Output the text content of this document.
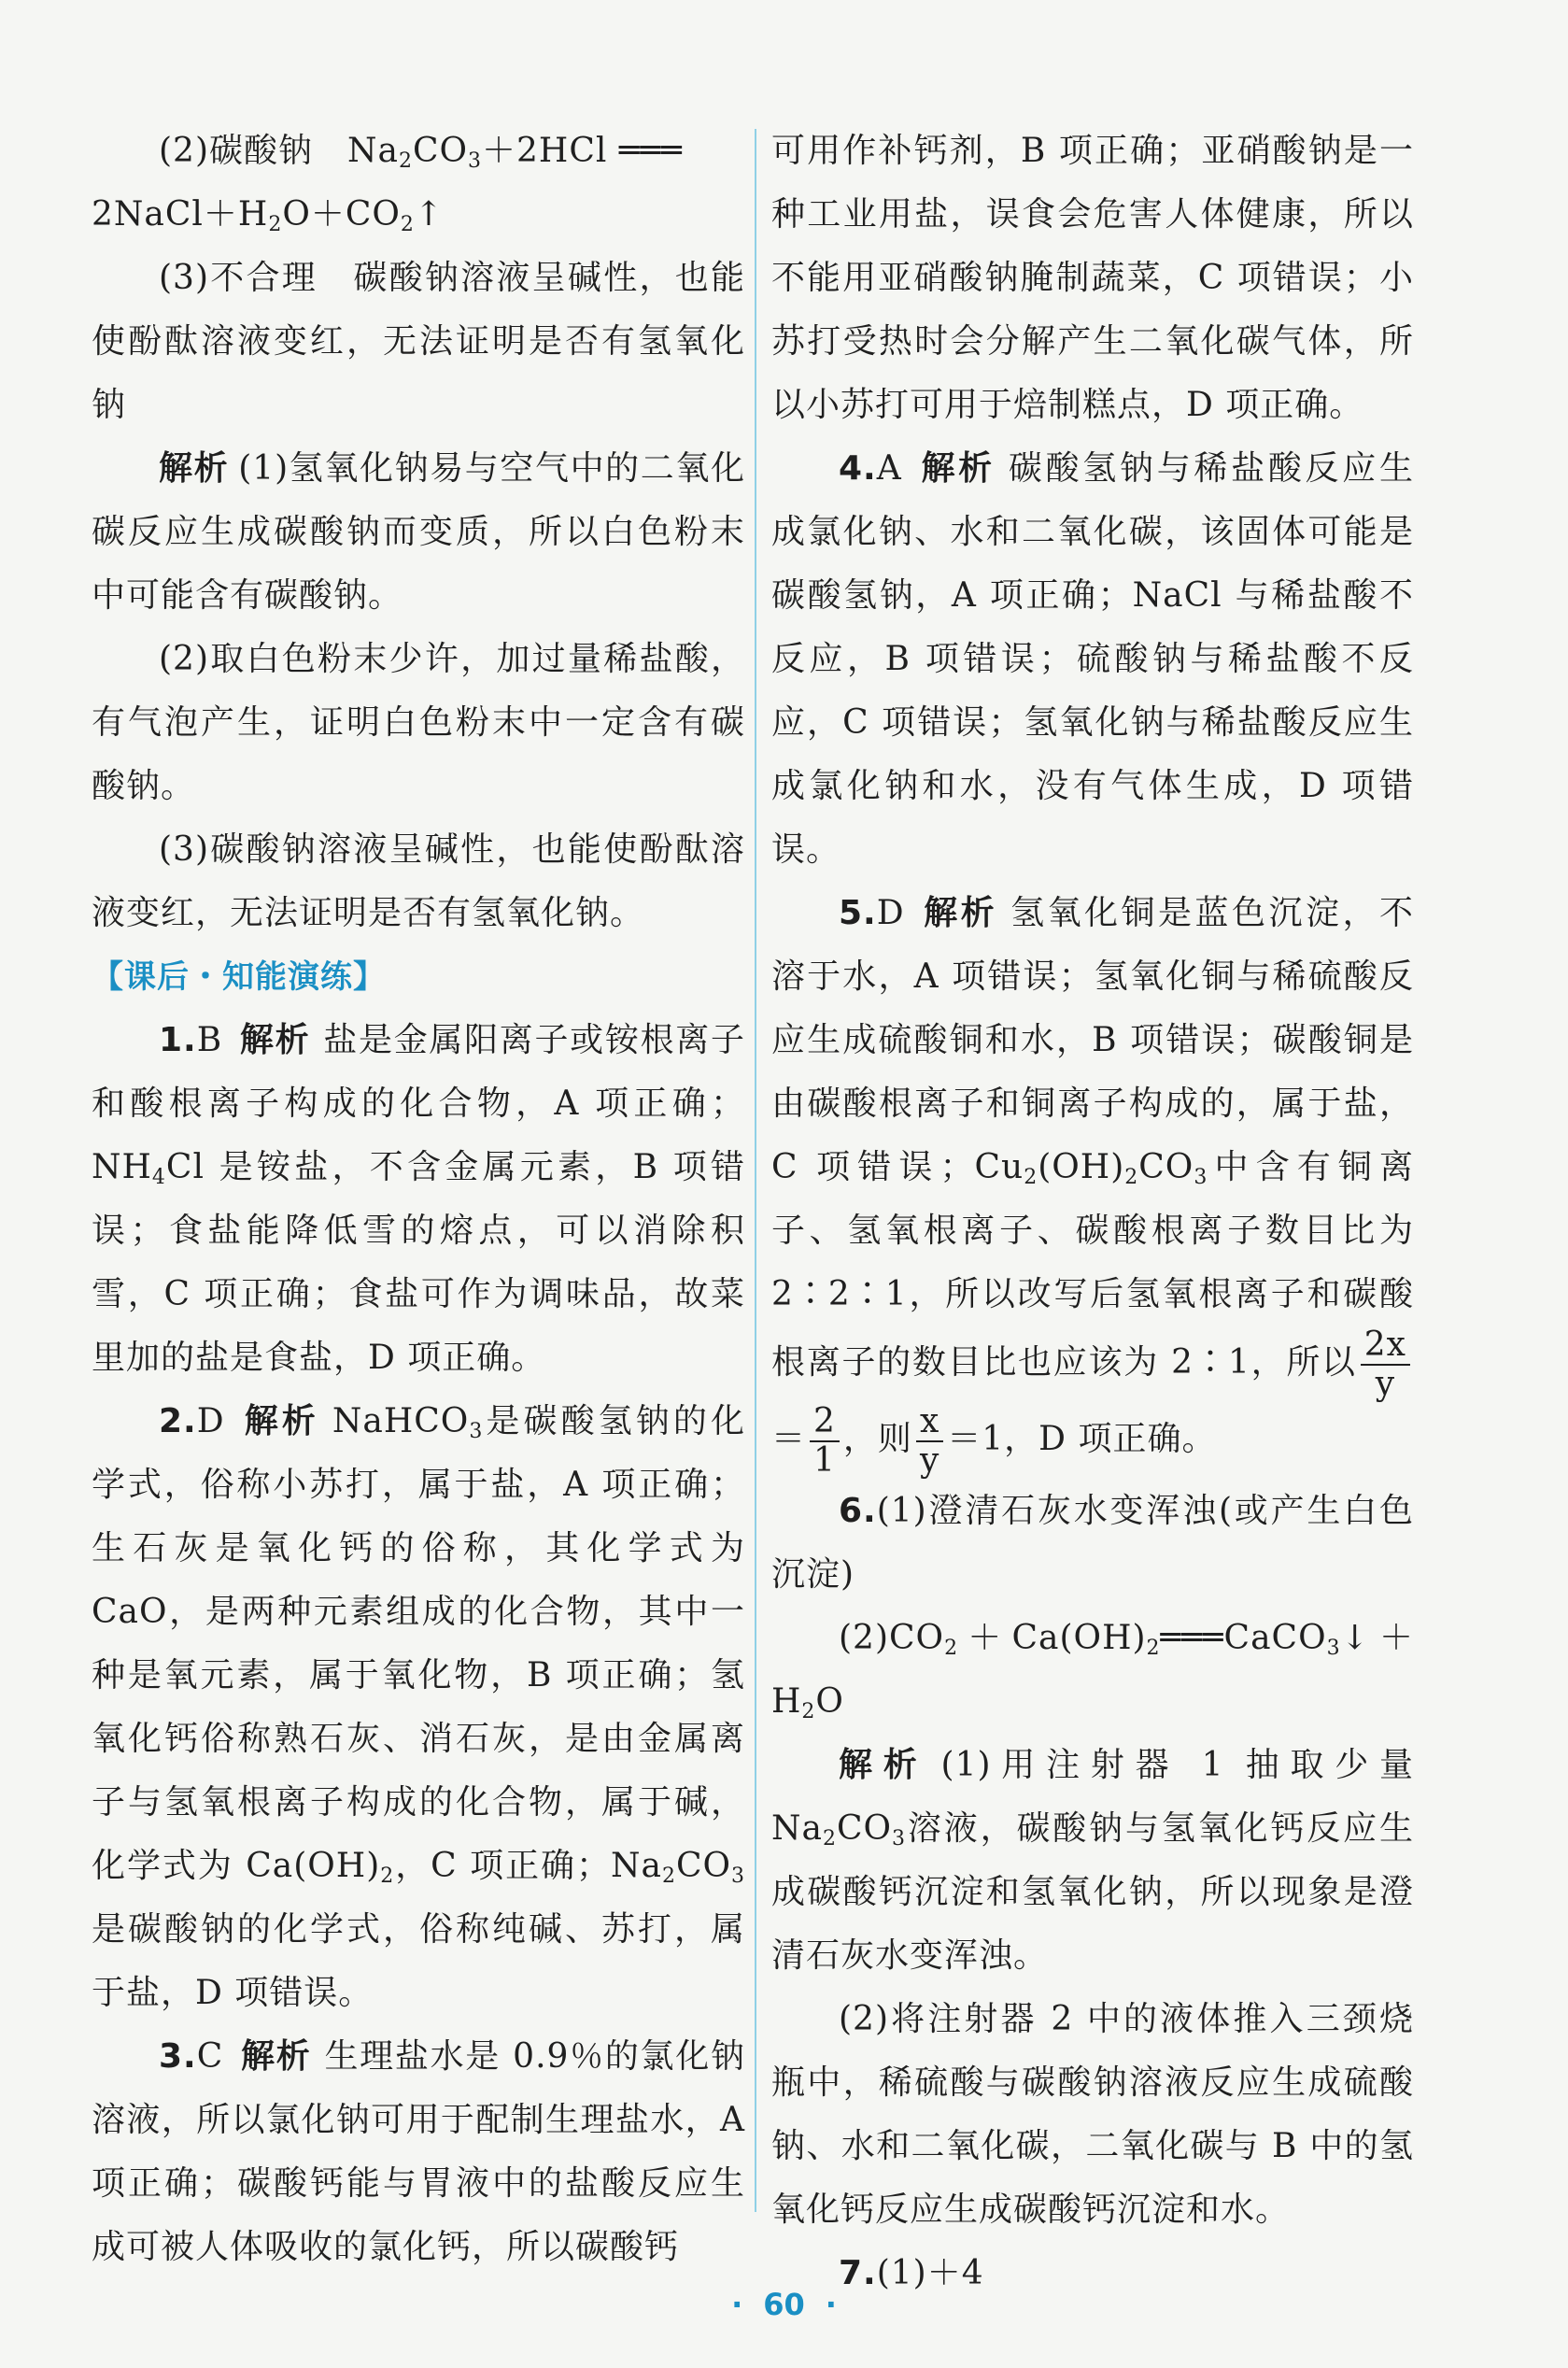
(2)碳酸钠　$Na_2CO_3+2HCl$ ═══

$2NaCl+H_2O+CO_2↑$

(3)不合理　碳酸钠溶液呈碱性，也能使酚酞溶液变红，无法证明是否有氢氧化钠

解析 (1)氢氧化钠易与空气中的二氧化碳反应生成碳酸钠而变质，所以白色粉末中可能含有碳酸钠。

(2)取白色粉末少许，加过量稀盐酸，有气泡产生，证明白色粉末中一定含有碳酸钠。

(3)碳酸钠溶液呈碱性，也能使酚酞溶液变红，无法证明是否有氢氧化钠。

【课后・知能演练】

1.B 解析 盐是金属阳离子或铵根离子和酸根离子构成的化合物，A 项正确；$NH_4Cl$ 是铵盐，不含金属元素，B 项错误；食盐能降低雪的熔点，可以消除积雪，C 项正确；食盐可作为调味品，故菜里加的盐是食盐，D 项正确。

2.D 解析 NaHCO$_3$是碳酸氢钠的化学式，俗称小苏打，属于盐，A 项正确；生石灰是氧化钙的俗称，其化学式为 CaO，是两种元素组成的化合物，其中一种是氧元素，属于氧化物，B 项正确；氢氧化钙俗称熟石灰、消石灰，是由金属离子与氢氧根离子构成的化合物，属于碱，化学式为 $Ca(OH)_2$，C 项正确；$Na_2CO_3$是碳酸钠的化学式，俗称纯碱、苏打，属于盐，D 项错误。

3.C 解析 生理盐水是 0.9％的氯化钠溶液，所以氯化钠可用于配制生理盐水，A 项正确；碳酸钙能与胃液中的盐酸反应生成可被人体吸收的氯化钙，所以碳酸钙

可用作补钙剂，B 项正确；亚硝酸钠是一种工业用盐，误食会危害人体健康，所以不能用亚硝酸钠腌制蔬菜，C 项错误；小苏打受热时会分解产生二氧化碳气体，所以小苏打可用于焙制糕点，D 项正确。

4.A 解析 碳酸氢钠与稀盐酸反应生成氯化钠、水和二氧化碳，该固体可能是碳酸氢钠，A 项正确；NaCl 与稀盐酸不反应，B 项错误；硫酸钠与稀盐酸不反应，C 项错误；氢氧化钠与稀盐酸反应生成氯化钠和水，没有气体生成，D 项错误。

5.D 解析 氢氧化铜是蓝色沉淀，不溶于水，A 项错误；氢氧化铜与稀硫酸反应生成硫酸铜和水，B 项错误；碳酸铜是由碳酸根离子和铜离子构成的，属于盐，C 项错误；$Cu_2(OH)_2CO_3$中含有铜离子、氢氧根离子、碳酸根离子数目比为 2∶2∶1，所以改写后氢氧根离子和碳酸根离子的数目比也应该为 2∶1，所以 $\frac{2x}{y}$
＝ $\frac{2}{1}$ ，则 $\frac{x}{y} =1$，D 项正确。

6.(1)澄清石灰水变浑浊(或产生白色沉淀)

$(2)CO_2+Ca(OH)_2═══CaCO_3↓+H_2O$

解析 (1)用注射器 1 抽取少量 $Na_2CO_3$溶液，碳酸钠与氢氧化钙反应生成碳酸钙沉淀和氢氧化钠，所以现象是澄清石灰水变浑浊。

(2)将注射器 2 中的液体推入三颈烧瓶中，稀硫酸与碳酸钠溶液反应生成硫酸钠、水和二氧化碳，二氧化碳与 B 中的氢氧化钙反应生成碳酸钙沉淀和水。

7.(1)＋4

· 60 ·
